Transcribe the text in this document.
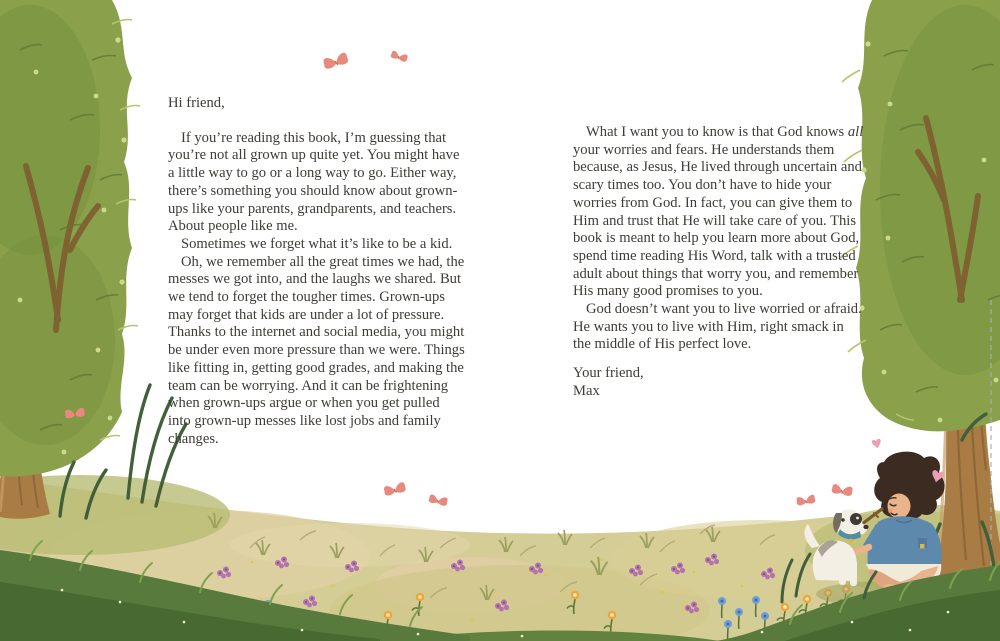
Hi friend,

If you’re reading this book, I’m guessing that you’re not all grown up quite yet. You might have a little way to go or a long way to go. Either way, there’s something you should know about grown-ups like your parents, grandparents, and teachers. About people like me.

Sometimes we forget what it’s like to be a kid.

Oh, we remember all the great times we had, the messes we got into, and the laughs we shared. But we tend to forget the tougher times. Grown-ups may forget that kids are under a lot of pressure. Thanks to the internet and social media, you might be under even more pressure than we were. Things like fitting in, getting good grades, and making the team can be worrying. And it can be frightening when grown-ups argue or when you get pulled into grown-up messes like lost jobs and family changes.

What I want you to know is that God knows all your worries and fears. He understands them because, as Jesus, He lived through uncertain and scary times too. You don’t have to hide your worries from God. In fact, you can give them to Him and trust that He will take care of you. This book is meant to help you learn more about God, spend time reading His Word, talk with a trusted adult about things that worry you, and remember His many good promises to you.

God doesn’t want you to live worried or afraid. He wants you to live with Him, right smack in the middle of His perfect love.

Your friend,

Max
